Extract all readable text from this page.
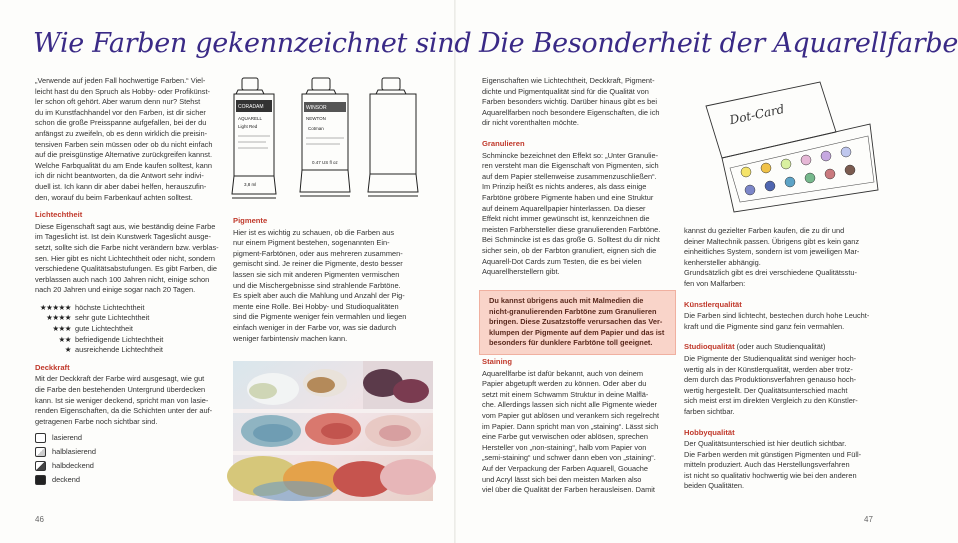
Wie Farben gekennzeichnet sind
„Verwende auf jeden Fall hochwertige Farben.“ Viel-
leicht hast du den Spruch als Hobby- oder Profikünst-
ler schon oft gehört. Aber warum denn nur? Stehst
du im Kunstfachhandel vor den Farben, ist dir sicher
schon die große Preisspanne aufgefallen, bei der du
anfängst zu zweifeln, ob es denn wirklich die preisin-
tensiven Farben sein müssen oder ob du nicht einfach
auf die preisgünstige Alternative zurückgreifen kannst.
Welche Farbqualität du am Ende kaufen solltest, kann
ich dir nicht beantworten, da die Antwort sehr indivi-
duell ist. Ich kann dir aber dabei helfen, herauszufin-
den, worauf du beim Farbenkauf achten solltest.
Lichtechtheit
Diese Eigenschaft sagt aus, wie beständig deine Farbe
im Tageslicht ist. Ist dein Kunstwerk Tageslicht ausge-
setzt, sollte sich die Farbe nicht verändern bzw. verblas-
sen. Hier gibt es nicht Lichtechtheit oder nicht, sondern
verschiedene Qualitätsabstufungen. Es gibt Farben, die
verblassen auch nach 100 Jahren nicht, einige schon
nach 20 Jahren und einige sogar nach 20 Tagen.
★★★★★ höchste Lichtechtheit
★★★★ sehr gute Lichtechtheit
★★★ gute Lichtechtheit
★★ befriedigende Lichtechtheit
★ ausreichende Lichtechtheit
Deckkraft
Mit der Deckkraft der Farbe wird ausgesagt, wie gut
die Farbe den bestehenden Untergrund überdecken
kann. Ist sie weniger deckend, spricht man von lasie-
renden Eigenschaften, da die Schichten unter der auf-
getragenen Farbe noch sichtbar sind.
lasierend
halblasierend
halbdeckend
deckend
CORADAM	WINSOR
AQUARELL
Light Red
3,8 ml
NEWTON
Cotman
0.47 US fl oz
Pigmente
Hier ist es wichtig zu schauen, ob die Farben aus
nur einem Pigment bestehen, sogenannten Ein-
pigment-Farbtönen, oder aus mehreren zusammen-
gemischt sind. Je reiner die Pigmente, desto besser
lassen sie sich mit anderen Pigmenten vermischen
und die Mischergebnisse sind strahlende Farbtöne.
Es spielt aber auch die Mahlung und Anzahl der Pig-
mente eine Rolle. Bei Hobby- und Studioqualitäten
sind die Pigmente weniger fein vermahlen und liegen
einfach weniger in der Farbe vor, was sie dadurch
weniger farbintensiv machen kann.
46
Die Besonderheit der Aquarellfarbe
Eigenschaften wie Lichtechtheit, Deckkraft, Pigment-
dichte und Pigmentqualität sind für die Qualität von
Farben besonders wichtig. Darüber hinaus gibt es bei
Aquarellfarben noch besondere Eigenschaften, die ich
dir nicht vorenthalten möchte.
Granulieren
Schmincke bezeichnet den Effekt so: „Unter Granulie-
ren versteht man die Eigenschaft von Pigmenten, sich
auf dem Papier stellenweise zusammenzuschließen“.
Im Prinzip heißt es nichts anderes, als dass einige
Farbtöne gröbere Pigmente haben und eine Struktur
auf deinem Aquarellpapier hinterlassen. Da dieser
Effekt nicht immer gewünscht ist, kennzeichnen die
meisten Farbhersteller diese granulierenden Farbtöne.
Bei Schmincke ist es das große G. Solltest du dir nicht
sicher sein, ob der Farbton granuliert, eignen sich die
Aquarell-Dot Cards zum Testen, die es bei vielen
Aquarellherstellern gibt.
Du kannst übrigens auch mit Malmedien die
nicht-granulierenden Farbtöne zum Granulieren
bringen. Diese Zusatzstoffe verursachen das Ver-
klumpen der Pigmente auf dem Papier und das ist
besonders für dunklere Farbtöne toll geeignet.
Staining
Aquarellfarbe ist dafür bekannt, auch von deinem
Papier abgetupft werden zu können. Oder aber du
setzt mit einem Schwamm Struktur in deine Malflä-
che. Allerdings lassen sich nicht alle Pigmente wieder
vom Papier gut ablösen und verankern sich regelrecht
im Papier. Dann spricht man von „staining“. Lässt sich
eine Farbe gut verwischen oder ablösen, sprechen
Hersteller von „non-staining“, halb vom Papier von
„semi-staining“ und schwer dann eben von „staining“.
Auf der Verpackung der Farben Aquarell, Gouache
und Acryl lässt sich bei den meisten Marken also
viel über die Qualität der Farben herausleisen. Damit
Dot-Card
kannst du gezielter Farben kaufen, die zu dir und
deiner Maltechnik passen. Übrigens gibt es kein ganz
einheitliches System, sondern ist vom jeweiligen Mar-
kenhersteller abhängig.
Grundsätzlich gibt es drei verschiedene Qualitätsstu-
fen von Malfarben:
Künstlerqualität
Die Farben sind lichtecht, bestechen durch hohe Leucht-
kraft und die Pigmente sind ganz fein vermahlen.
Studioqualität (oder auch Studienqualität)
Die Pigmente der Studienqualität sind weniger hoch-
wertig als in der Künstlerqualität, werden aber trotz-
dem durch das Produktionsverfahren genauso hoch-
wertig hergestellt. Der Qualitätsunterschied macht
sich meist erst im direkten Vergleich zu den Künstler-
farben sichtbar.
Hobbyqualität
Der Qualitätsunterschied ist hier deutlich sichtbar.
Die Farben werden mit günstigen Pigmenten und Füll-
mitteln produziert. Auch das Herstellungsverfahren
ist nicht so qualitativ hochwertig wie bei den anderen
beiden Qualitäten.
47
